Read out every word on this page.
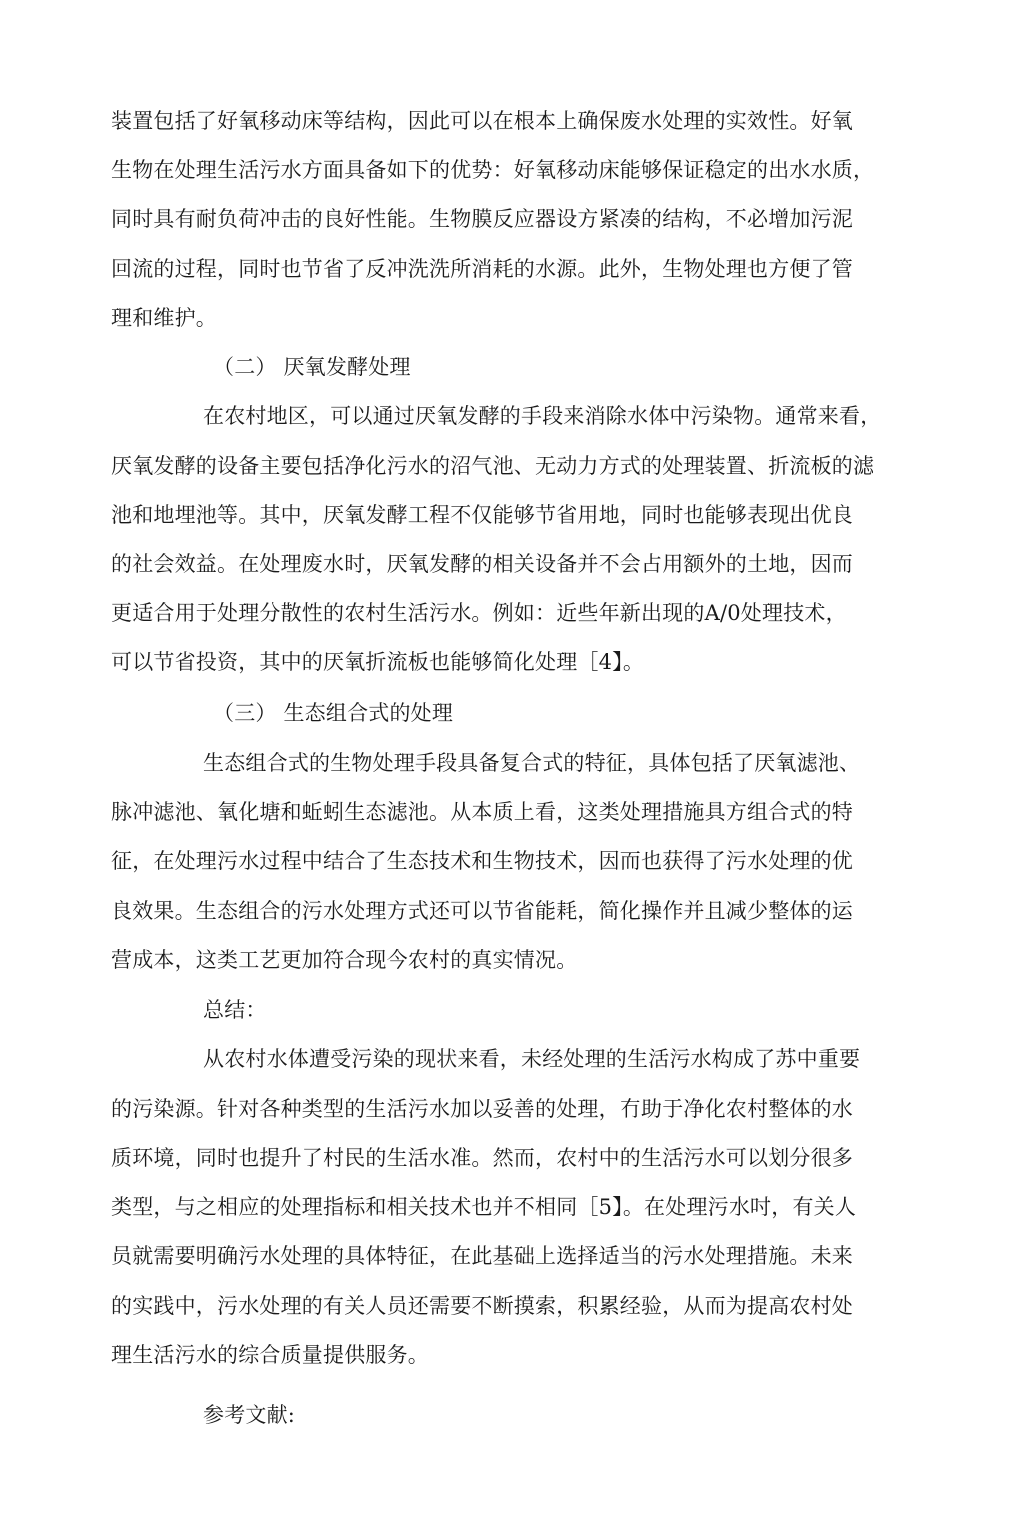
装置包括了好氧移动床等结构，因此可以在根本上确保废水处理的实效性。好氧
生物在处理生活污水方面具备如下的优势：好氧移动床能够保证稳定的出水水质，
同时具有耐负荷冲击的良好性能。生物膜反应器设方紧凑的结构，不必增加污泥
回流的过程，同时也节省了反冲洗洗所消耗的水源。此外，生物处理也方便了管
理和维护。
（二） 厌氧发酵处理
在农村地区，可以通过厌氧发酵的手段来消除水体中污染物。通常来看，
厌氧发酵的设备主要包括净化污水的沼气池、无动力方式的处理装置、折流板的滤
池和地埋池等。其中，厌氧发酵工程不仅能够节省用地，同时也能够表现出优良
的社会效益。在处理废水时，厌氧发酵的相关设备并不会占用额外的土地，因而
更适合用于处理分散性的农村生活污水。例如：近些年新出现的A/0处理技术，
可以节省投资，其中的厌氧折流板也能够简化处理［4】。
（三） 生态组合式的处理
生态组合式的生物处理手段具备复合式的特征，具体包括了厌氧滤池、
脉冲滤池、氧化塘和蚯蚓生态滤池。从本质上看，这类处理措施具方组合式的特
征，在处理污水过程中结合了生态技术和生物技术，因而也获得了污水处理的优
良效果。生态组合的污水处理方式还可以节省能耗，简化操作并且减少整体的运
营成本，这类工艺更加符合现今农村的真实情况。
总结：
从农村水体遭受污染的现状来看，未经处理的生活污水构成了苏中重要
的污染源。针对各种类型的生活污水加以妥善的处理，冇助于净化农村整体的水
质环境，同时也提升了村民的生活水准。然而，农村中的生活污水可以划分很多
类型，与之相应的处理指标和相关技术也并不相同［5】。在处理污水吋，有关人
员就需要明确污水处理的具体特征，在此基础上选择适当的污水处理措施。未来
的实践中，污水处理的有关人员还需要不断摸索，积累经验，从而为提高农村处
理生活污水的综合质量提供服务。
参考文献:
